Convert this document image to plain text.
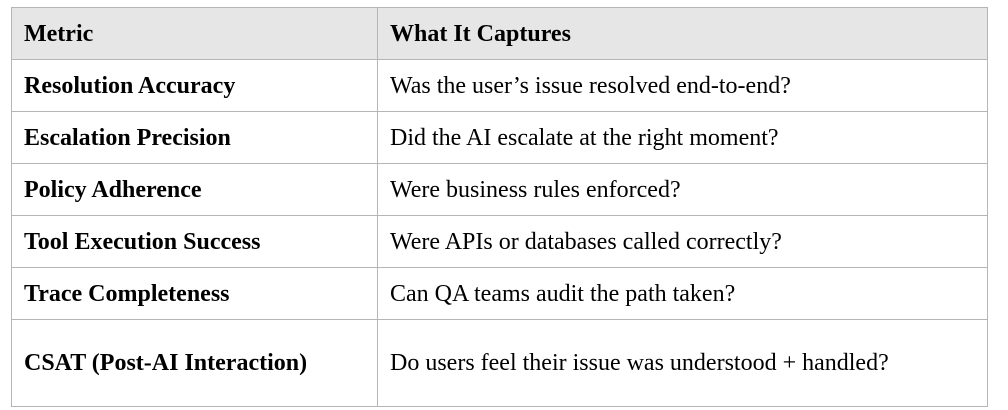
Metric	What It Captures
Resolution Accuracy	Was the user’s issue resolved end-to-end?
Escalation Precision	Did the AI escalate at the right moment?
Policy Adherence	Were business rules enforced?
Tool Execution Success	Were APIs or databases called correctly?
Trace Completeness	Can QA teams audit the path taken?
CSAT (Post-AI Interaction)	Do users feel their issue was understood + handled?
